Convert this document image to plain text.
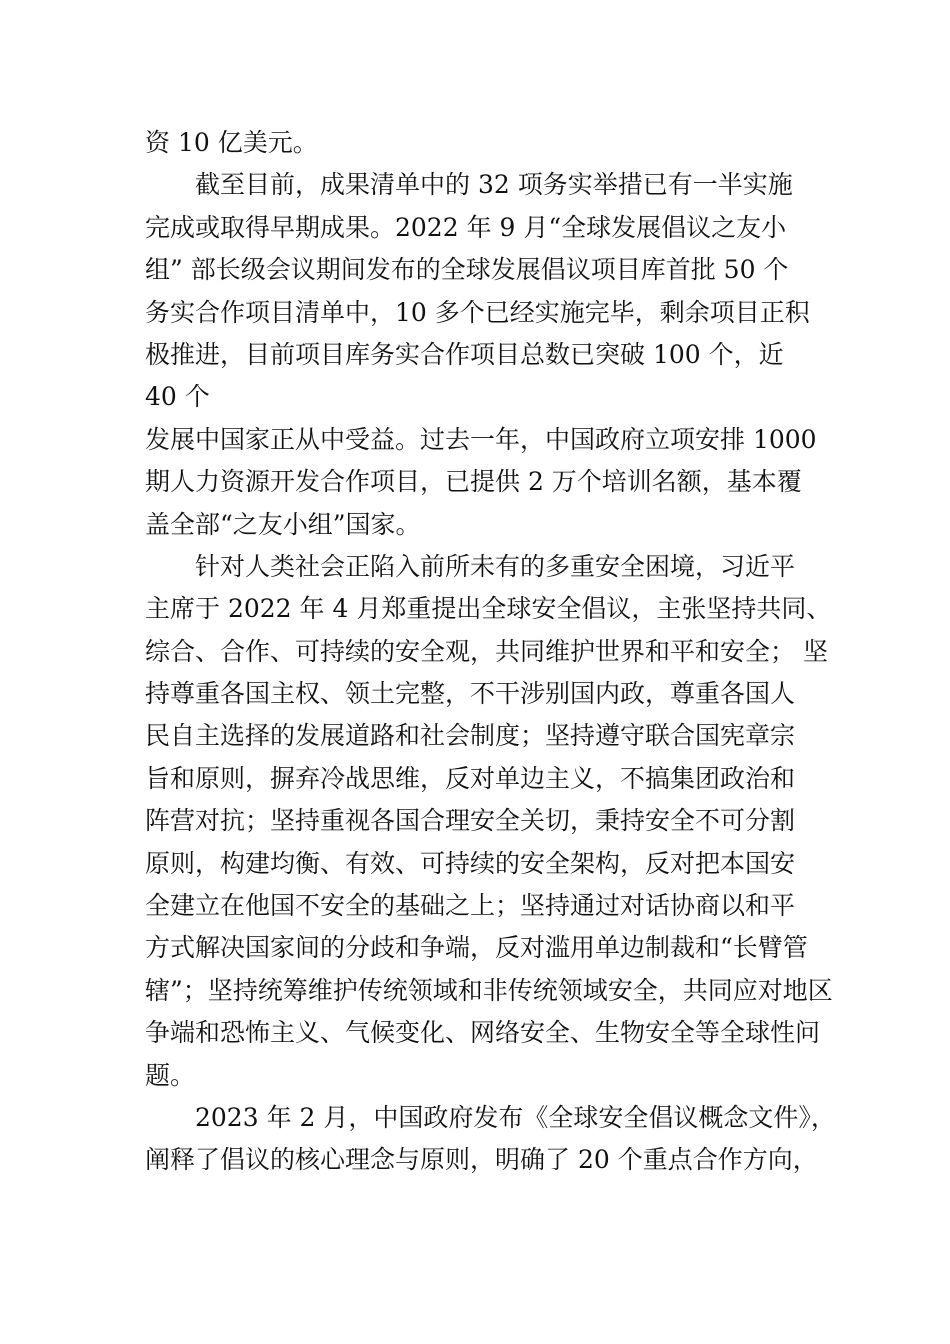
资 10 亿美元。
截至目前，成果清单中的 32 项务实举措已有一半实施
完成或取得早期成果。2022 年 9 月“全球发展倡议之友小
组” 部长级会议期间发布的全球发展倡议项目库首批 50 个
务实合作项目清单中，10 多个已经实施完毕，剩余项目正积
极推进，目前项目库务实合作项目总数已突破 100 个，近
40 个
发展中国家正从中受益。过去一年，中国政府立项安排 1000
期人力资源开发合作项目，已提供 2 万个培训名额，基本覆
盖全部“之友小组”国家。
针对人类社会正陷入前所未有的多重安全困境，习近平
主席于 2022 年 4 月郑重提出全球安全倡议，主张坚持共同、
综合、合作、可持续的安全观，共同维护世界和平和安全； 坚
持尊重各国主权、领土完整，不干涉别国内政，尊重各国人
民自主选择的发展道路和社会制度；坚持遵守联合国宪章宗
旨和原则，摒弃冷战思维，反对单边主义，不搞集团政治和
阵营对抗；坚持重视各国合理安全关切，秉持安全不可分割
原则，构建均衡、有效、可持续的安全架构，反对把本国安
全建立在他国不安全的基础之上；坚持通过对话协商以和平
方式解决国家间的分歧和争端，反对滥用单边制裁和“长臂管
辖”；坚持统筹维护传统领域和非传统领域安全，共同应对地区
争端和恐怖主义、气候变化、网络安全、生物安全等全球性问
题。
2023 年 2 月，中国政府发布《全球安全倡议概念文件》，
阐释了倡议的核心理念与原则，明确了 20 个重点合作方向，
